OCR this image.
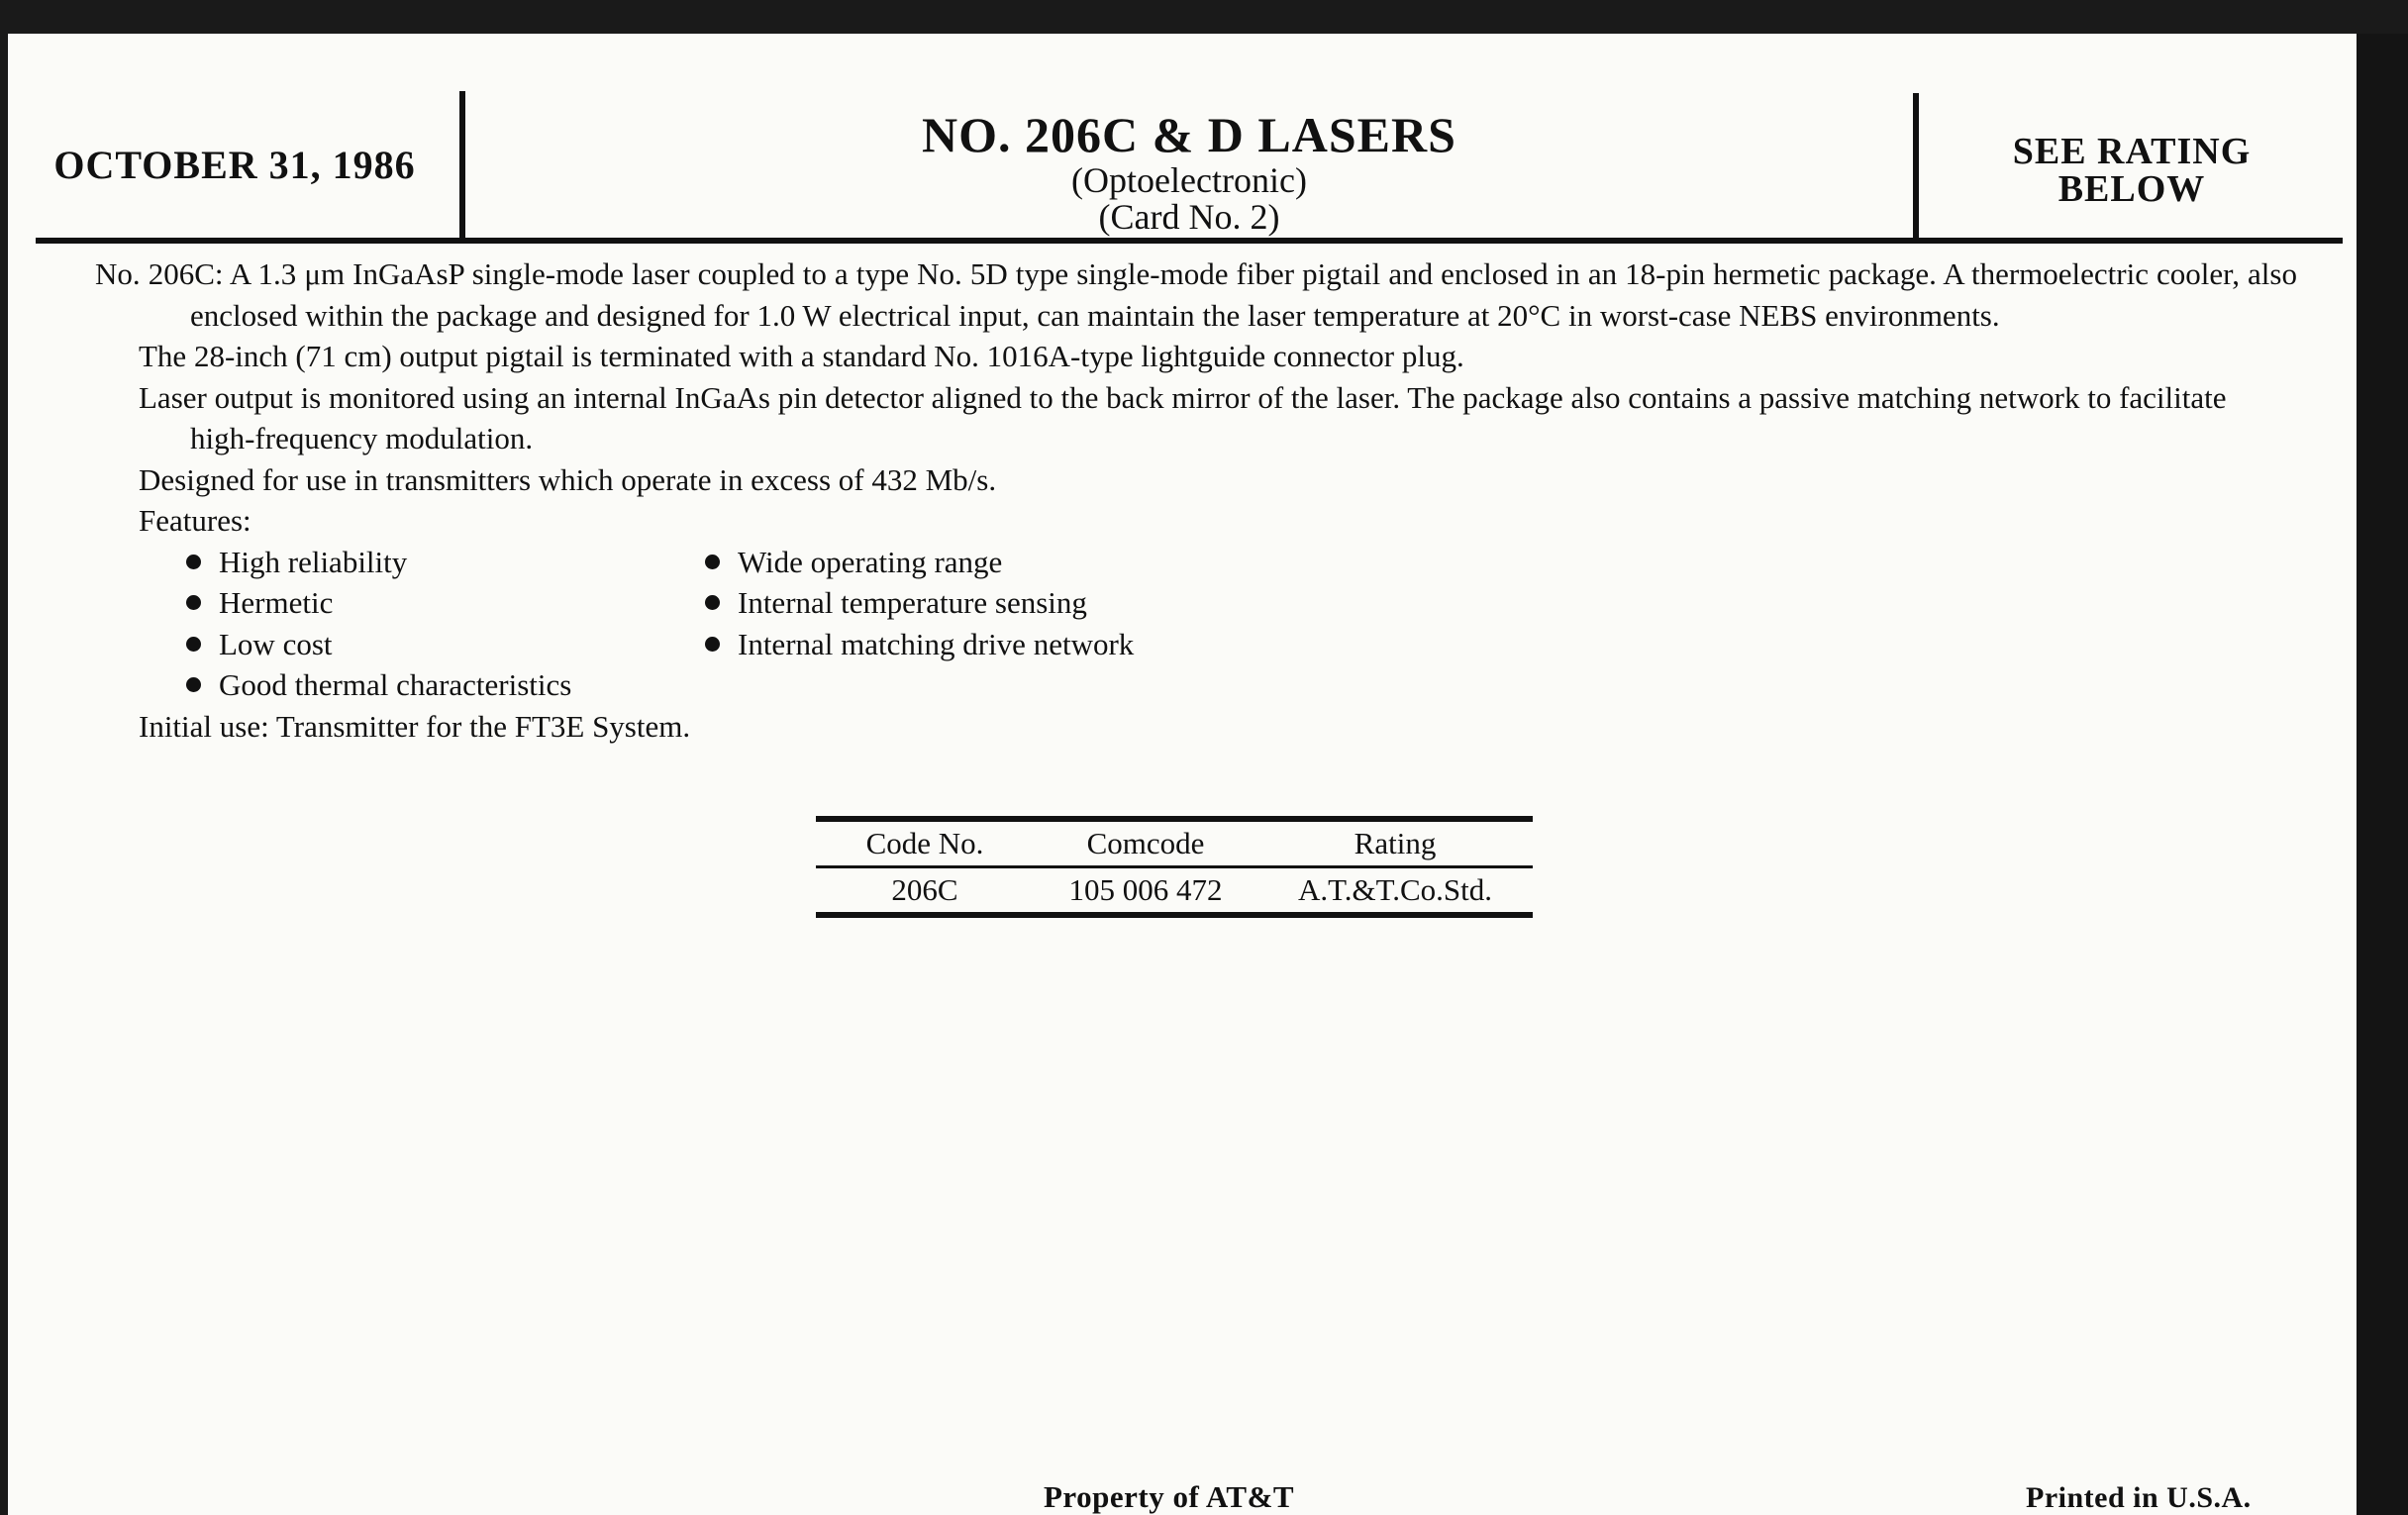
OCTOBER 31, 1986
NO. 206C & D LASERS
(Optoelectronic)
(Card No. 2)
SEE RATING
BELOW

No. 206C: A 1.3 μm InGaAsP single-mode laser coupled to a type No. 5D type single-mode fiber pigtail and enclosed in an 18-pin hermetic package. A thermoelectric cooler, also enclosed within the package and designed for 1.0 W electrical input, can maintain the laser temperature at 20°C in worst-case NEBS environments.

The 28-inch (71 cm) output pigtail is terminated with a standard No. 1016A-type lightguide connector plug.

Laser output is monitored using an internal InGaAs pin detector aligned to the back mirror of the laser. The package also contains a passive matching network to facilitate high-frequency modulation.

Designed for use in transmitters which operate in excess of 432 Mb/s.

Features:

High reliability
Hermetic
Low cost
Good thermal characteristics
Wide operating range
Internal temperature sensing
Internal matching drive network

Initial use: Transmitter for the FT3E System.

Code No.	Comcode	Rating
206C	105 006 472	A.T.&T.Co.Std.
Property of AT&T	Printed in U.S.A.
